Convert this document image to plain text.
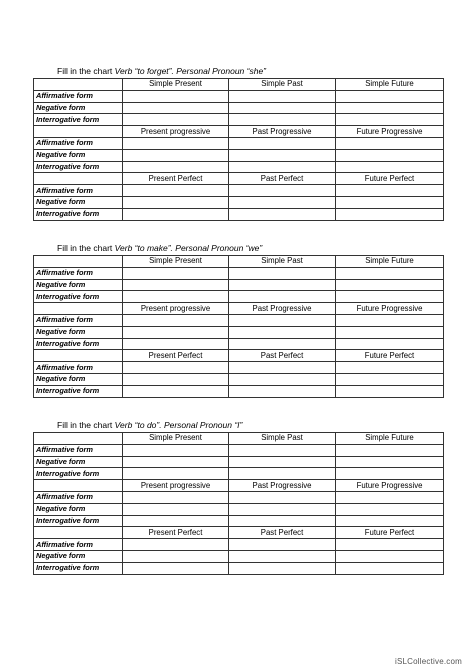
Fill in the chart Verb “to forget”. Personal Pronoun “she”
	Simple Present	Simple Past	Simple Future
Affirmative form			
Negative form			
Interrogative form			
	Present progressive	Past Progressive	Future Progressive
Affirmative form			
Negative form			
Interrogative form			
	Present Perfect	Past Perfect	Future Perfect
Affirmative form			
Negative form			
Interrogative form			
Fill in the chart Verb “to make”. Personal Pronoun “we”
	Simple Present	Simple Past	Simple Future
Affirmative form			
Negative form			
Interrogative form			
	Present progressive	Past Progressive	Future Progressive
Affirmative form			
Negative form			
Interrogative form			
	Present Perfect	Past Perfect	Future Perfect
Affirmative form			
Negative form			
Interrogative form			
Fill in the chart Verb “to do”. Personal Pronoun “I”
	Simple Present	Simple Past	Simple Future
Affirmative form			
Negative form			
Interrogative form			
	Present progressive	Past Progressive	Future Progressive
Affirmative form			
Negative form			
Interrogative form			
	Present Perfect	Past Perfect	Future Perfect
Affirmative form			
Negative form			
Interrogative form			
iSLCollective.com
